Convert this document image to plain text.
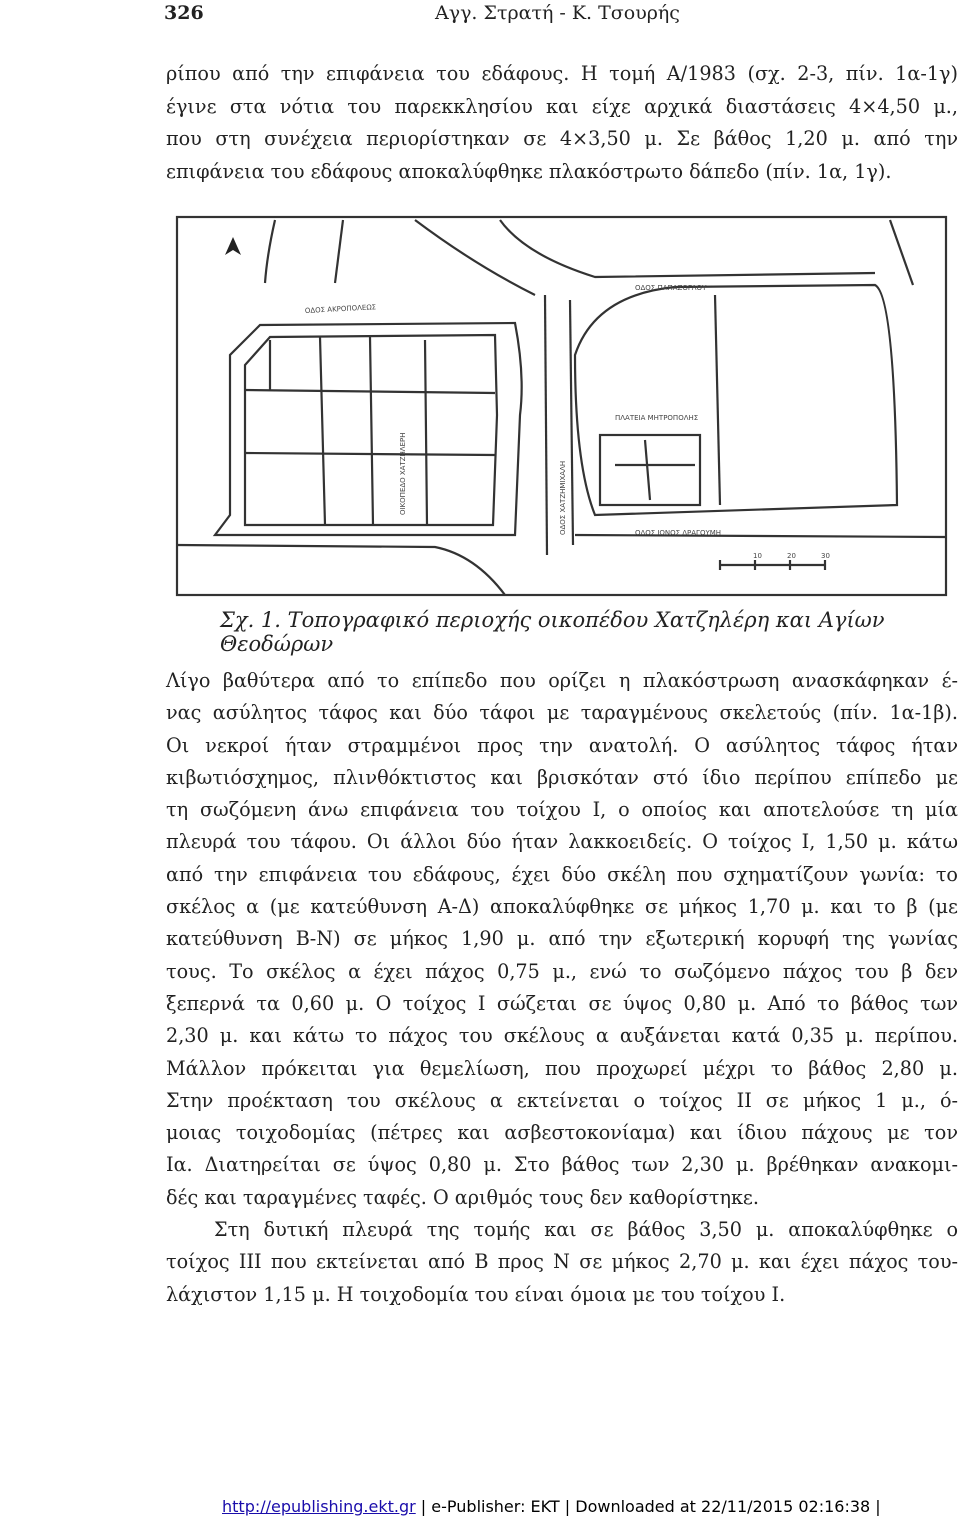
326	Αγγ. Στρατή - Κ. Τσουρής
ρίπου από την επιφάνεια του εδάφους. Η τομή Α/1983 (σχ. 2-3, πίν. 1α-1γ)
έγινε στα νότια του παρεκκλησίου και είχε αρχικά διαστάσεις 4×4,50 μ.,
που στη συνέχεια περιορίστηκαν σε 4×3,50 μ. Σε βάθος 1,20 μ. από την
επιφάνεια του εδάφους αποκαλύφθηκε πλακόστρωτο δάπεδο (πίν. 1α, 1γ).
ΟΔΟΣ ΑΚΡΟΠΟΛΕΩΣ
ΟΔΟΣ ΠΑΠΑΖΟΓΛΟΥ
ΟΙΚΟΠΕΔΟ ΧΑΤΖΗΛΕΡΗ	ΟΔΟΣ ΧΑΤΖΗΜΙΧΑΛΗ
ΠΛΑΤΕΙΑ ΜΗΤΡΟΠΟΛΗΣ
ΟΔΟΣ ΙΩΝΟΣ ΔΡΑΓΟΥΜΗ
10	20	30
Σχ. 1. Τοπογραφικό περιοχής οικοπέδου Χατζηλέρη και Αγίων Θεοδώρων
Λίγο βαθύτερα από το επίπεδο που ορίζει η πλακόστρωση ανασκάφηκαν έ-
νας ασύλητος τάφος και δύο τάφοι με ταραγμένους σκελετούς (πίν. 1α-1β).
Οι νεκροί ήταν στραμμένοι προς την ανατολή. Ο ασύλητος τάφος ήταν
κιβωτιόσχημος, πλινθόκτιστος και βρισκόταν στό ίδιο περίπου επίπεδο με
τη σωζόμενη άνω επιφάνεια του τοίχου Ι, ο οποίος και αποτελούσε τη μία
πλευρά του τάφου. Οι άλλοι δύο ήταν λακκοειδείς. Ο τοίχος Ι, 1,50 μ. κάτω
από την επιφάνεια του εδάφους, έχει δύο σκέλη που σχηματίζουν γωνία: το
σκέλος α (με κατεύθυνση Α-Δ) αποκαλύφθηκε σε μήκος 1,70 μ. και το β (με
κατεύθυνση Β-Ν) σε μήκος 1,90 μ. από την εξωτερική κορυφή της γωνίας
τους. Το σκέλος α έχει πάχος 0,75 μ., ενώ το σωζόμενο πάχος του β δεν
ξεπερνά τα 0,60 μ. Ο τοίχος Ι σώζεται σε ύψος 0,80 μ. Από το βάθος των
2,30 μ. και κάτω το πάχος του σκέλους α αυξάνεται κατά 0,35 μ. περίπου.
Μάλλον πρόκειται για θεμελίωση, που προχωρεί μέχρι το βάθος 2,80 μ.
Στην προέκταση του σκέλους α εκτείνεται ο τοίχος ΙΙ σε μήκος 1 μ., ό-
μοιας τοιχοδομίας (πέτρες και ασβεστοκονίαμα) και ίδιου πάχους με τον
Ια. Διατηρείται σε ύψος 0,80 μ. Στο βάθος των 2,30 μ. βρέθηκαν ανακομι-
δές και ταραγμένες ταφές. Ο αριθμός τους δεν καθορίστηκε.
Στη δυτική πλευρά της τομής και σε βάθος 3,50 μ. αποκαλύφθηκε ο
τοίχος ΙΙΙ που εκτείνεται από Β προς Ν σε μήκος 2,70 μ. και έχει πάχος του-
λάχιστον 1,15 μ. Η τοιχοδομία του είναι όμοια με του τοίχου Ι.
http://epublishing.ekt.gr | e-Publisher: EKT | Downloaded at 22/11/2015 02:16:38 |
